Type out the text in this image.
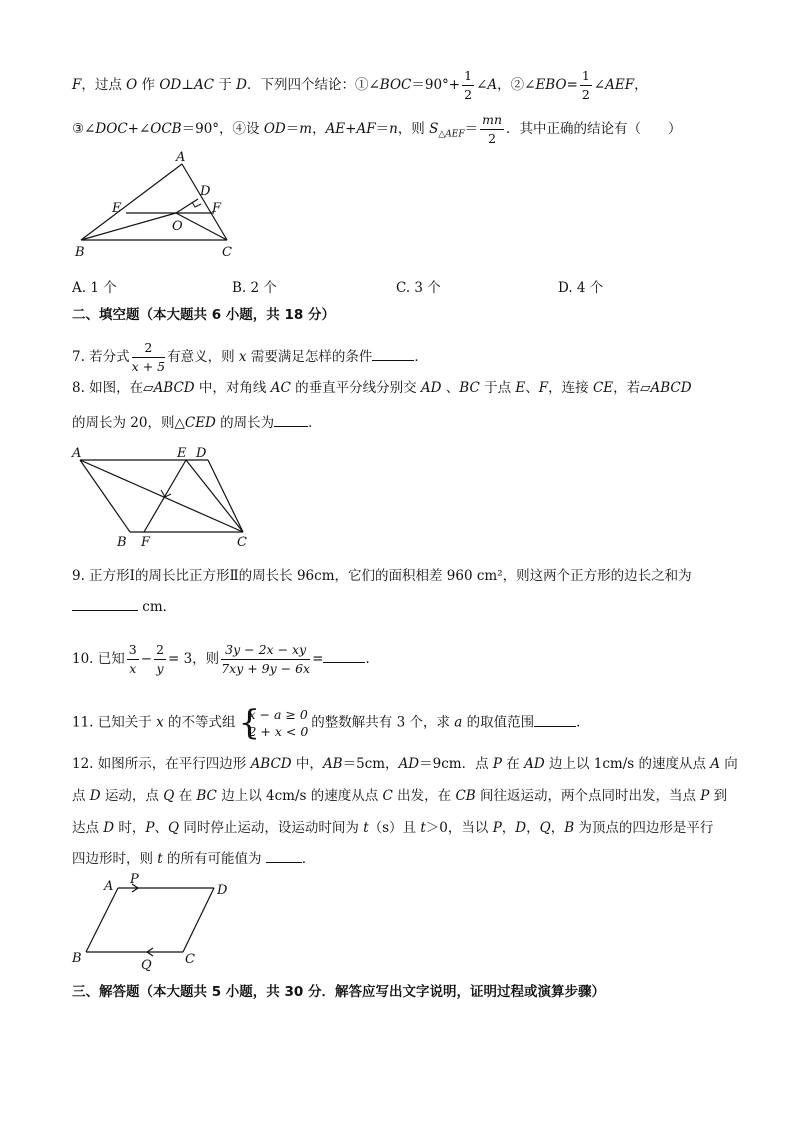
F，过点 O 作 OD⊥AC 于 D．下列四个结论：①∠BOC＝90°+ $\frac{1}{2}$ ∠A，②∠EBO= $\frac{1}{2}$ ∠AEF，
③∠DOC+∠OCB＝90°，④设 OD＝m，AE+AF＝n，则 $S_{\triangle AEF}= \frac{mn}{2}$ ．其中正确的结论有（　　）
A
D
E	F
O
B	C
A. 1 个	B. 2 个	C. 3 个	D. 4 个
二、填空题（本大题共 6 小题，共 18 分）
7. 若分式 $\frac{2}{x + 5}$ 有意义，则 x 需要满足怎样的条件	．
8. 如图，在▱ABCD 中，对角线 AC 的垂直平分线分别交 AD 、BC 于点 E、F，连接 CE，若▱ABCD
的周长为 20，则△CED 的周长为	．
A	E D
B F	C
9. 正方形Ⅰ的周长比正方形Ⅱ的周长长 96cm，它们的面积相差 960 cm²，则这两个正方形的边长之和为
cm．
10. 已知 $\frac{3}{x} - \frac{2}{y} = 3$，则 $\frac{3y - 2x - xy}{7xy + 9y - 6x}$ =	．
11. 已知关于 x 的不等式组 {
x − a ≥ 0
2 + x < 0
的整数解共有 3 个，求 a 的取值范围	．
12. 如图所示，在平行四边形 ABCD 中，AB＝5cm，AD＝9cm．点 P 在 AD 边上以 1cm/s 的速度从点 A 向
点 D 运动，点 Q 在 BC 边上以 4cm/s 的速度从点 C 出发，在 CB 间往返运动，两个点同时出发，当点 P 到
达点 D 时，P、Q 同时停止运动，设运动时间为 t（s）且 t＞0，当以 P，D，Q，B 为顶点的四边形是平行
四边形时，则 t 的所有可能值为	．
A P
D
B	Q	C
三、解答题（本大题共 5 小题，共 30 分．解答应写出文字说明，证明过程或演算步骤）
